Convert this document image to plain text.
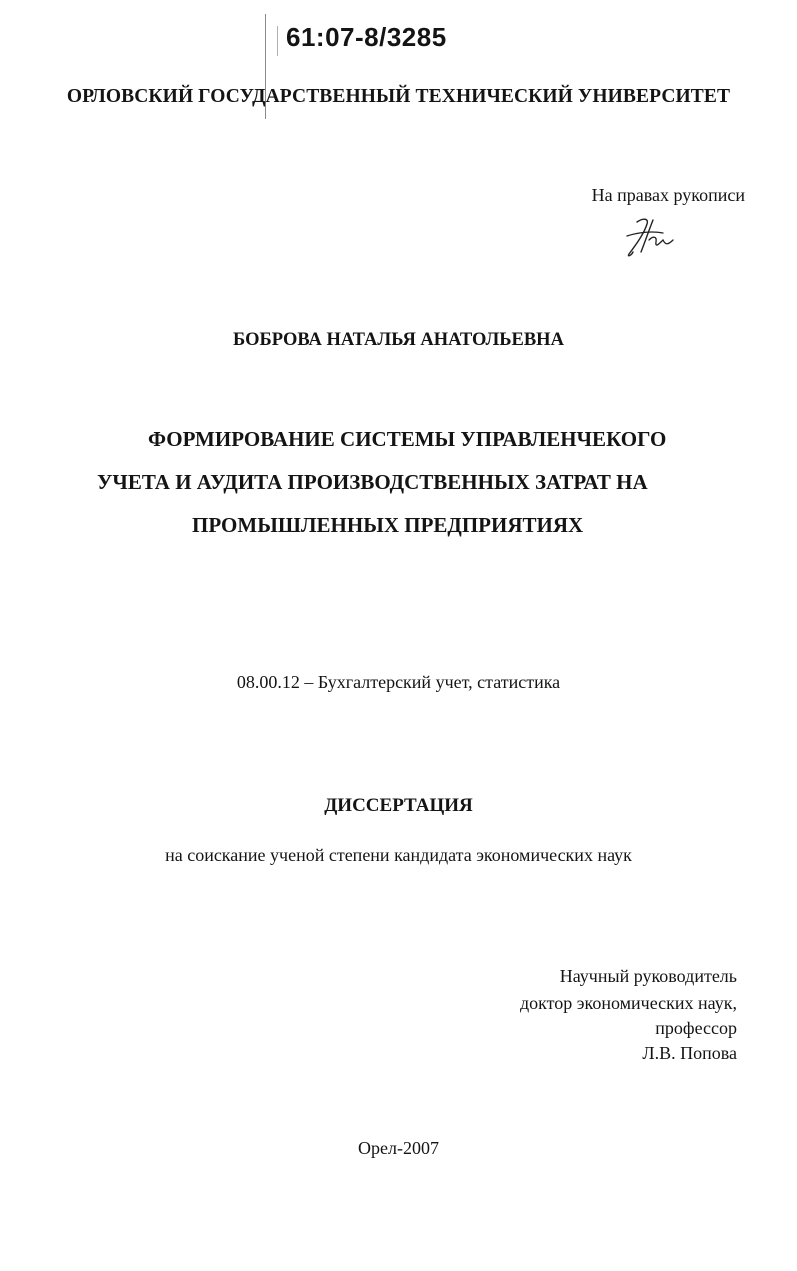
61:07-8/3285
ОРЛОВСКИЙ ГОСУДАРСТВЕННЫЙ ТЕХНИЧЕСКИЙ УНИВЕРСИТЕТ
На правах рукописи
БОБРОВА НАТАЛЬЯ АНАТОЛЬЕВНА
ФОРМИРОВАНИЕ СИСТЕМЫ УПРАВЛЕНЧЕКОГО
УЧЕТА И АУДИТА ПРОИЗВОДСТВЕННЫХ ЗАТРАТ НА
ПРОМЫШЛЕННЫХ ПРЕДПРИЯТИЯХ
08.00.12 – Бухгалтерский учет, статистика
ДИССЕРТАЦИЯ
на соискание ученой степени кандидата экономических наук
Научный руководитель
доктор экономических наук,
профессор
Л.В. Попова
Орел-2007
